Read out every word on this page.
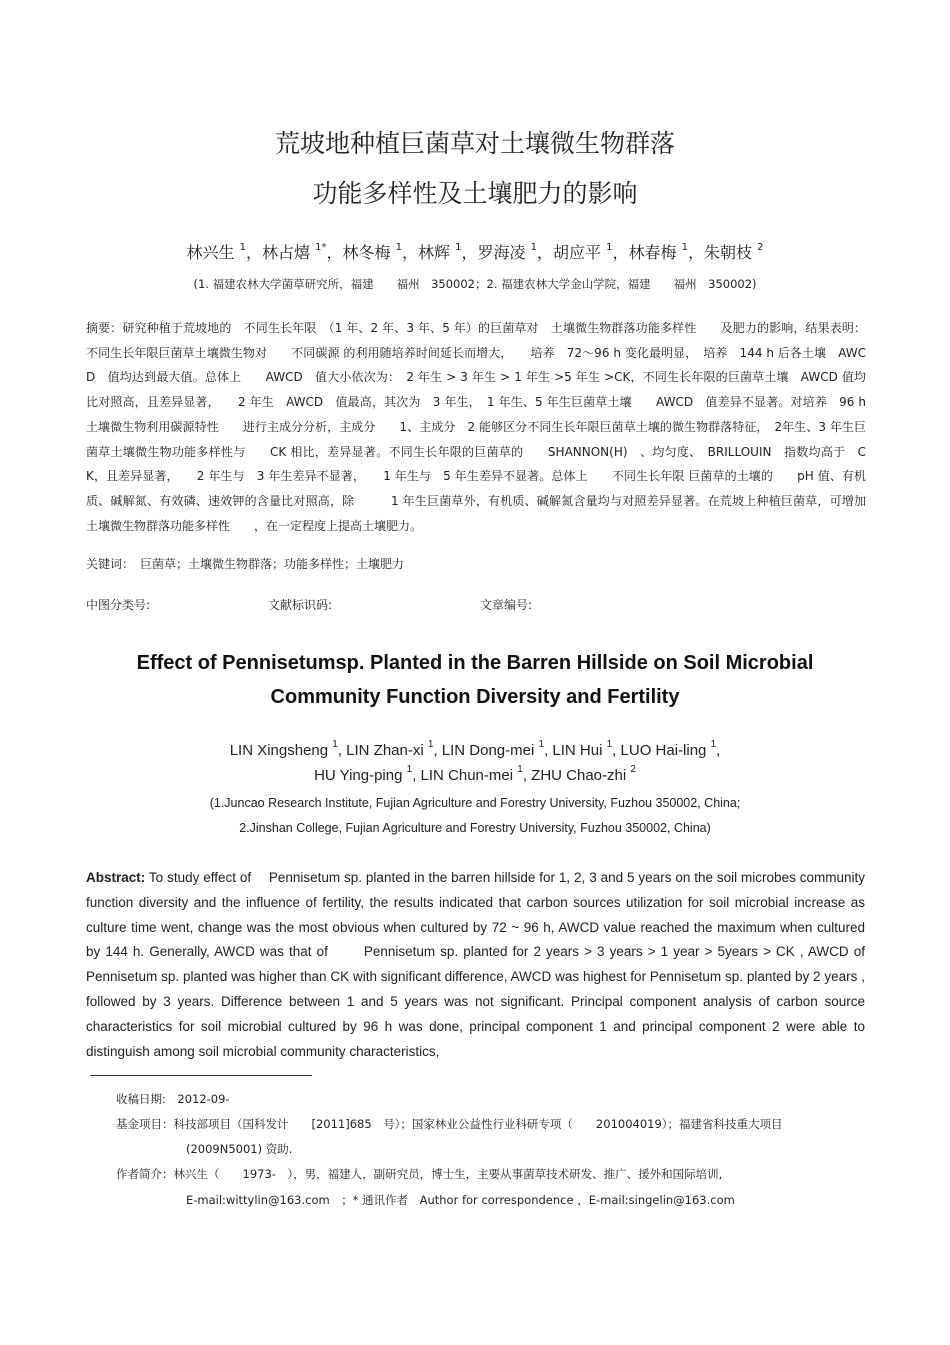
荒坡地种植巨菌草对土壤微生物群落
功能多样性及土壤肥力的影响
林兴生 $^1$，林占熺 $^{1*}$，林冬梅 $^1$，林辉 $^1$，罗海凌 $^1$，胡应平 $^1$，林春梅 $^1$，朱朝枝 $^2$
(1. 福建农林大学菌草研究所，福建　　福州　350002；2. 福建农林大学金山学院，福建　　福州　350002)
摘要：研究种植于荒坡地的　不同生长年限　（1 年、2 年、3 年、5 年）的巨菌草对　土壤微生物群落功能多样性　　及肥力的影响，结果表明：不同生长年限巨菌草土壤微生物对　　不同碳源 的利用随培养时间延长而增大，　　培养　72～96 h 变化最明显，　培养　144 h 后各土壤　AWCD　值均达到最大值。总体上　　AWCD　值大小依次为：　2 年生 > 3 年生 > 1 年生 >5 年生 >CK，不同生长年限的巨菌草土壤　AWCD 值均比对照高，且差异显著，　　2 年生　AWCD　值最高，其次为　3 年生，　1 年生、5 年生巨菌草土壤　　AWCD　值差异不显著。对培养　96 h 土壤微生物利用碳源特性　　进行主成分分析，主成分　　1、主成分　2 能够区分不同生长年限巨菌草土壤的微生物群落特征，　2年生、3 年生巨菌草土壤微生物功能多样性与　　CK 相比，差异显著。不同生长年限的巨菌草的　　SHANNON(H)　、均匀度、　BRILLOUIN　指数均高于　CK，且差异显著，　　2 年生与　3 年生差异不显著，　　1 年生与　5 年生差异不显著。总体上　　不同生长年限 巨菌草的土壤的　　pH 值、有机质、碱解氮、有效磷、速效钾的含量比对照高，除　　　1 年生巨菌草外，有机质、碱解氮含量均与对照差异显著。在荒坡上种植巨菌草，可增加　　　土壤微生物群落功能多样性　　，在一定程度上提高土壤肥力。
关键词：　巨菌草；土壤微生物群落；功能多样性；土壤肥力
中图分类号:	文献标识码:	文章编号:
Effect of Pennisetumsp. Planted in the Barren Hillside on Soil Microbial
Community Function Diversity and Fertility
LIN Xingsheng $^1$, LIN Zhan-xi $^1$, LIN Dong-mei $^1$, LIN Hui $^1$, LUO Hai-ling $^1$,
HU Ying-ping $^1$, LIN Chun-mei $^1$, ZHU Chao-zhi $^2$
(1.Juncao Research Institute, Fujian Agriculture and Forestry University, Fuzhou 350002, China;
2.Jinshan College, Fujian Agriculture and Forestry University, Fuzhou 350002, China)
Abstract: To study effect of　 Pennisetum sp. planted in the barren hillside for 1, 2, 3 and 5 years on the soil microbes community function diversity and the influence of fertility, the results indicated that carbon sources utilization for soil microbial increase as culture time went, change was the most obvious when cultured by 72 ~ 96 h, AWCD value reached the maximum when cultured by 144 h. Generally, AWCD was that of　　 Pennisetum sp. planted for 2 years > 3 years > 1 year > 5years > CK , AWCD of Pennisetum sp. planted was higher than CK with significant difference, AWCD was highest for Pennisetum sp. planted by 2 years , followed by 3 years. Difference between 1 and 5 years was not significant. Principal component analysis of carbon source characteristics for soil microbial cultured by 96 h was done, principal component 1 and principal component 2 were able to distinguish among soil microbial community characteristics,
收稿日期:　2012-09-
基金项目：科技部项目（国科发计　　[2011]685　号）；国家林业公益性行业科研专项（　　201004019）；福建省科技重大项目
(2009N5001) 资助.
作者简介：林兴生（　　1973-　），男，福建人，副研究员，博士生，主要从事菌草技术研发、推广、援外和国际培训,
E-mail:wittylin@163.com　；* 通讯作者　Author for correspondence ，E-mail:singelin@163.com
